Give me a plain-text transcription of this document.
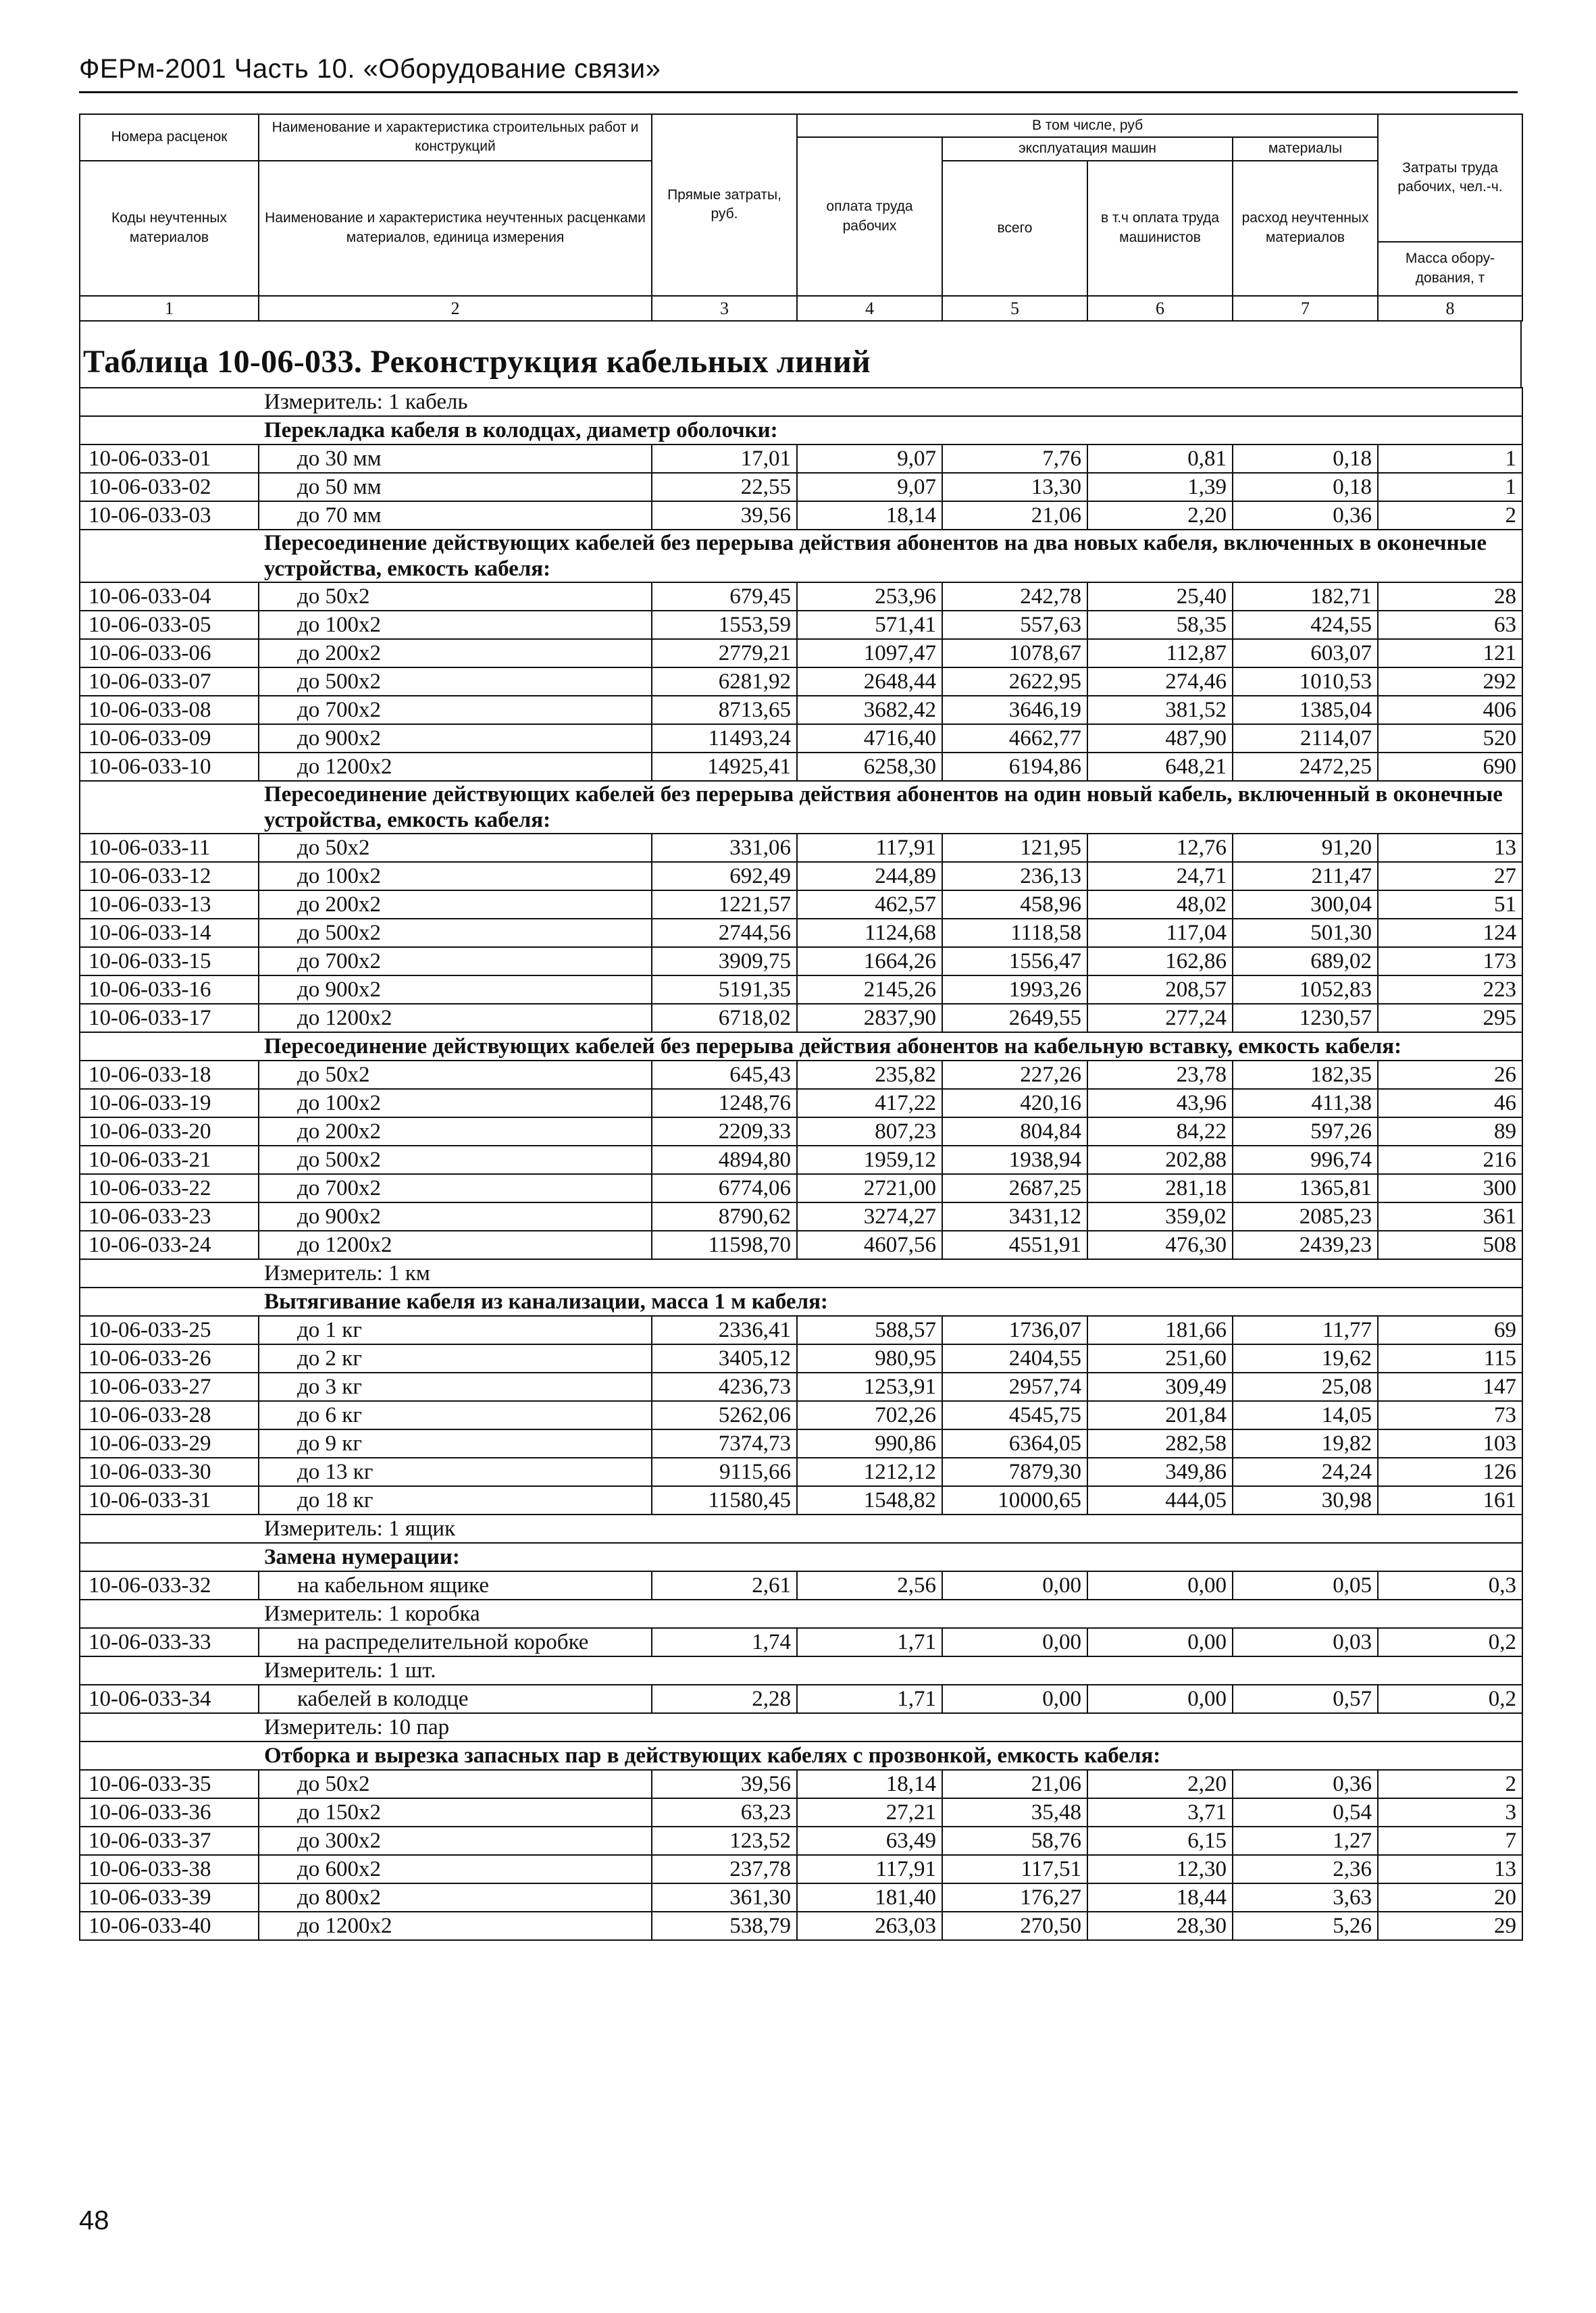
ФЕРм-2001 Часть 10. «Оборудование связи»
Номера расценок	Наименование и характеристика строительных работ и конструкций	Прямые затраты, руб.	В том числе, руб				Затраты труда рабочих, чел.-ч.
			оплата труда рабочих	эксплуатация машин		материалы	
Коды неучтенных материалов	Наименование и характеристика неучтенных расценками материалов, единица измерения			всего	в т.ч оплата труда машинистов	расход неучтенных материалов	
							Масса обору-дования, т
1	2	3	4	5	6	7	8
Таблица 10-06-033. Реконструкция кабельных линий
	Измеритель: 1 кабель						
	Перекладка кабеля в колодцах, диаметр оболочки:						
10-06-033-01	до 30 мм	17,01	9,07	7,76	0,81	0,18	1
10-06-033-02	до 50 мм	22,55	9,07	13,30	1,39	0,18	1
10-06-033-03	до 70 мм	39,56	18,14	21,06	2,20	0,36	2
	Пересоединение действующих кабелей без перерыва действия абонентов на два новых кабеля, включенных в оконечные устройства, емкость кабеля:						
10-06-033-04	до 50х2	679,45	253,96	242,78	25,40	182,71	28
10-06-033-05	до 100х2	1553,59	571,41	557,63	58,35	424,55	63
10-06-033-06	до 200х2	2779,21	1097,47	1078,67	112,87	603,07	121
10-06-033-07	до 500х2	6281,92	2648,44	2622,95	274,46	1010,53	292
10-06-033-08	до 700х2	8713,65	3682,42	3646,19	381,52	1385,04	406
10-06-033-09	до 900х2	11493,24	4716,40	4662,77	487,90	2114,07	520
10-06-033-10	до 1200х2	14925,41	6258,30	6194,86	648,21	2472,25	690
	Пересоединение действующих кабелей без перерыва действия абонентов на один новый кабель, включенный в оконечные устройства, емкость кабеля:						
10-06-033-11	до 50х2	331,06	117,91	121,95	12,76	91,20	13
10-06-033-12	до 100х2	692,49	244,89	236,13	24,71	211,47	27
10-06-033-13	до 200х2	1221,57	462,57	458,96	48,02	300,04	51
10-06-033-14	до 500х2	2744,56	1124,68	1118,58	117,04	501,30	124
10-06-033-15	до 700х2	3909,75	1664,26	1556,47	162,86	689,02	173
10-06-033-16	до 900х2	5191,35	2145,26	1993,26	208,57	1052,83	223
10-06-033-17	до 1200х2	6718,02	2837,90	2649,55	277,24	1230,57	295
	Пересоединение действующих кабелей без перерыва действия абонентов на кабельную вставку, емкость кабеля:						
10-06-033-18	до 50х2	645,43	235,82	227,26	23,78	182,35	26
10-06-033-19	до 100х2	1248,76	417,22	420,16	43,96	411,38	46
10-06-033-20	до 200х2	2209,33	807,23	804,84	84,22	597,26	89
10-06-033-21	до 500х2	4894,80	1959,12	1938,94	202,88	996,74	216
10-06-033-22	до 700х2	6774,06	2721,00	2687,25	281,18	1365,81	300
10-06-033-23	до 900х2	8790,62	3274,27	3431,12	359,02	2085,23	361
10-06-033-24	до 1200х2	11598,70	4607,56	4551,91	476,30	2439,23	508
	Измеритель: 1 км						
	Вытягивание кабеля из канализации, масса 1 м кабеля:						
10-06-033-25	до 1 кг	2336,41	588,57	1736,07	181,66	11,77	69
10-06-033-26	до 2 кг	3405,12	980,95	2404,55	251,60	19,62	115
10-06-033-27	до 3 кг	4236,73	1253,91	2957,74	309,49	25,08	147
10-06-033-28	до 6 кг	5262,06	702,26	4545,75	201,84	14,05	73
10-06-033-29	до 9 кг	7374,73	990,86	6364,05	282,58	19,82	103
10-06-033-30	до 13 кг	9115,66	1212,12	7879,30	349,86	24,24	126
10-06-033-31	до 18 кг	11580,45	1548,82	10000,65	444,05	30,98	161
	Измеритель: 1 ящик						
	Замена нумерации:						
10-06-033-32	на кабельном ящике	2,61	2,56	0,00	0,00	0,05	0,3
	Измеритель: 1 коробка						
10-06-033-33	на распределительной коробке	1,74	1,71	0,00	0,00	0,03	0,2
	Измеритель: 1 шт.						
10-06-033-34	кабелей в колодце	2,28	1,71	0,00	0,00	0,57	0,2
	Измеритель: 10 пар						
	Отборка и вырезка запасных пар в действующих кабелях с прозвонкой, емкость кабеля:						
10-06-033-35	до 50х2	39,56	18,14	21,06	2,20	0,36	2
10-06-033-36	до 150х2	63,23	27,21	35,48	3,71	0,54	3
10-06-033-37	до 300х2	123,52	63,49	58,76	6,15	1,27	7
10-06-033-38	до 600х2	237,78	117,91	117,51	12,30	2,36	13
10-06-033-39	до 800х2	361,30	181,40	176,27	18,44	3,63	20
10-06-033-40	до 1200х2	538,79	263,03	270,50	28,30	5,26	29
48
